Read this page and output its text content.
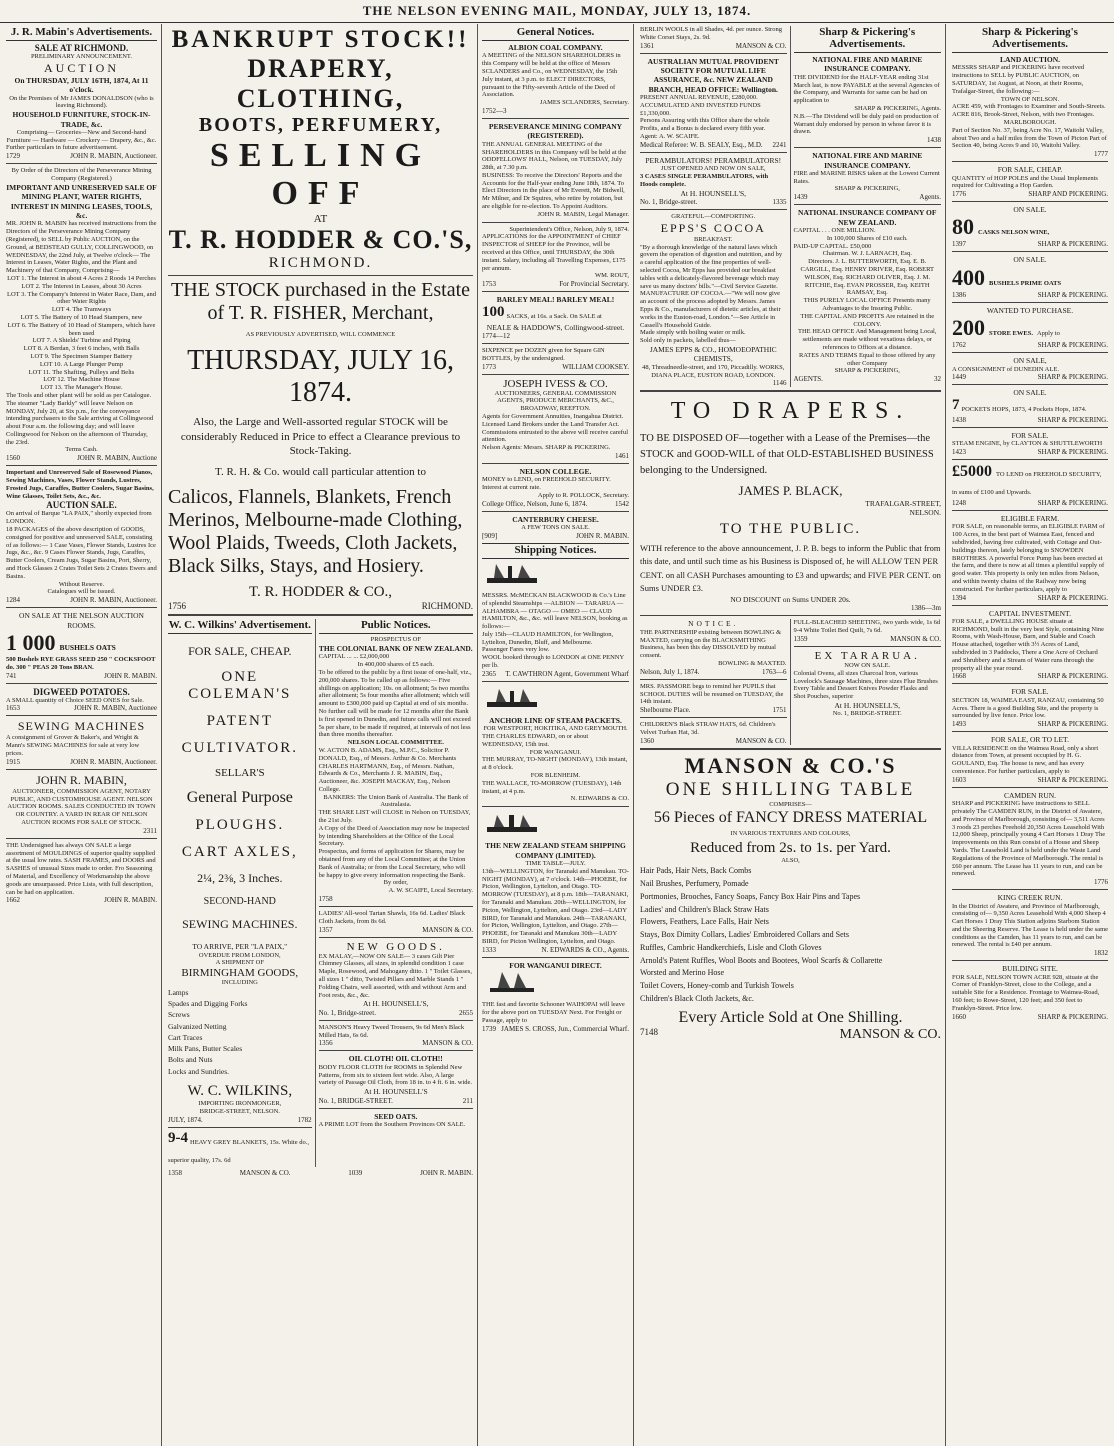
THE NELSON EVENING MAIL, MONDAY, JULY 13, 1874.
J. R. Mabin's Advertisements.
SALE AT RICHMOND.
PRELIMINARY ANNOUNCEMENT.
AUCTION
On THURSDAY, JULY 16TH, 1874, At 11 o'clock.
On the Premises of Mr JAMES DONALDSON (who is leaving Richmond).
HOUSEHOLD FURNITURE, STOCK-IN-TRADE, &c.
Comprising— Groceries—New and Second-hand Furniture — Hardware — Crockery — Drapery, &c., &c.
Further particulars in future advertisement.
1729	JOHN R. MABIN, Auctioneer.
By Order of the Directors of the Perseverance Mining Company (Registered.)
IMPORTANT AND UNRESERVED SALE OF MINING PLANT, WATER RIGHTS, INTEREST IN MINING LEASES, TOOLS, &c.
MR. JOHN R. MABIN has received instructions from the Directors of the Perseverance Mining Company (Registered), to SELL by Public AUCTION, on the Ground, at BEDSTEAD GULLY, COLLINGWOOD, on WEDNESDAY, the 22nd July, at Twelve o'clock— The Interest in Leases, Water Rights, and the Plant and Machinery of that Company, Comprising—
LOT 1. The Interest in about 4 Acres 2 Roods 14 Perches
LOT 2. The Interest in Leases, about 30 Acres
LOT 3. The Company's Interest in Water Race, Dam, and other Water Rights
LOT 4. The Tramways
LOT 5. The Battery of 10 Head Stampers, new
LOT 6. The Battery of 10 Head of Stampers, which have been used
LOT 7. A Shields' Turbine and Piping
LOT 8. A Berdan, 3 feet 6 inches, with Balls
LOT 9. The Specimen Stamper Battery
LOT 10. A Large Plunger Pump
LOT 11. The Shafting, Pulleys and Belts
LOT 12. The Machine House
LOT 13. The Manager's House.
The Tools and other plant will be sold as per Catalogue.
The steamer "Lady Barkly" will leave Nelson on MONDAY, July 20, at Six p.m., for the conveyance intending purchasers to the Sale arriving at Collingwood about Four a.m. the following day; and will leave Collingwood for Nelson on the afternoon of Thursday, the 23rd.
Terms Cash.
1560	JOHN R. MABIN, Auctione
Important and Unreserved Sale of Rosewood Pianos, Sewing Machines, Vases, Flower Stands, Lustres, Frosted Jugs, Caraffes, Butter Coolers, Sugar Basins, Wine Glasses, Toilet Sets, &c., &c.
AUCTION SALE.
On arrival of Barque "LA PAIX," shortly expected from LONDON.
18 PACKAGES of the above description of GOODS, consigned for positive and unreserved SALE, consisting of as follows:— 1 Case Vases, Flower Stands, Lustres Ice Jugs, &c., &c. 9 Cases Flower Stands, Jugs, Caraffes, Butter Coolers, Cream Jugs, Sugar Basins, Port, Sherry, and Hock Glasses 2 Crates Toilet Sets 2 Crates Ewers and Basins.
Without Reserve.
Catalogues will be issued.
1284	JOHN R. MABIN, Auctioneer.
ON SALE AT THE NELSON AUCTION ROOMS.
1 000 BUSHELS OATS
500 Bushels RYE GRASS SEED 250 " COCKSFOOT do. 300 " PEAS 20 Tons BRAN.
741	JOHN R. MABIN.
DIGWEED POTATOES.
A SMALL quantity of Choice SEED ONES for Sale.
1653	JOHN R. MABIN, Auctionee
SEWING MACHINES
A consignment of Grover & Baker's, and Wright & Mann's SEWING MACHINES for sale at very low prices.
1915	JOHN R. MABIN, Auctioneer.
JOHN R. MABIN,
AUCTIONEER, COMMISSION AGENT, NOTARY PUBLIC, AND CUSTOMHOUSE AGENT. NELSON AUCTION ROOMS. SALES CONDUCTED IN TOWN OR COUNTRY. A YARD IN REAR OF NELSON AUCTION ROOMS FOR SALE OF STOCK.
2311
THE Undersigned has always ON SALE a large assortment of MOULDINGS of superior quality supplied at the usual low rates. SASH FRAMES, and DOORS and SASHES of unusual Sizes made to order. Fro Seasoning of Material, and Excellency of Workmanship the above goods are unsurpassed. Price Lists, with full description, can be had on application.
1662	JOHN R. MABIN.
BANKRUPT STOCK!!
DRAPERY, CLOTHING,
BOOTS, PERFUMERY,
SELLING OFF
AT
T. R. HODDER & CO.'S,
RICHMOND.
THE STOCK purchased in the Estate of T. R. FISHER, Merchant,
AS PREVIOUSLY ADVERTISED, WILL COMMENCE
THURSDAY, JULY 16, 1874.
Also, the Large and Well-assorted regular STOCK will be considerably Reduced in Price to effect a Clearance previous to Stock-Taking.
T. R. H. & Co. would call particular attention to
Calicos, Flannels, Blankets, French Merinos, Melbourne-made Clothing, Wool Plaids, Tweeds, Cloth Jackets, Black Silks, Stays, and Hosiery.
T. R. HODDER & CO.,
1756	RICHMOND.
W. C. Wilkins' Advertisement.
FOR SALE, CHEAP.
ONE COLEMAN'S
PATENT
CULTIVATOR.
SELLAR'S
General Purpose
PLOUGHS.
CART AXLES,
2¼, 2⅜, 3 Inches.
SECOND-HAND
SEWING MACHINES.
TO ARRIVE, PER "LA PAIX,"
OVERDUE FROM LONDON,
A SHIPMENT OF
BIRMINGHAM GOODS,
INCLUDING
Lamps
Spades and Digging Forks
Screws
Galvanized Netting
Cart Traces
Milk Pans, Butter Scales
Bolts and Nuts
Locks and Sundries.
W. C. WILKINS,
IMPORTING IRONMONGER,
BRIDGE-STREET, NELSON.
JULY, 1874.	1782
9-4 HEAVY GREY BLANKETS, 15s. White do., superior quality, 17s. 6d
Public Notices.
PROSPECTUS OF
THE COLONIAL BANK OF NEW ZEALAND.
CAPITAL ... ... £2,000,000
In 400,000 shares of £5 each.
To be offered to the public by a first issue of one-half, viz., 200,000 shares. To be called up as follows:— Five shillings on application; 10s. on allotment; 5s two months after allotment; 5s four months after allotment; which will amount to £300,000 paid up Capital at end of six months.
No further call will be made for 12 months after the Bank is first opened in Dunedin, and future calls will not exceed 5s per share, to be made if required, at intervals of not less than three months thereafter.
NELSON LOCAL COMMITTEE.
W. ACTON B. ADAMS, Esq., M.P.C., Solicitor P. DONALD, Esq., of Messrs. Arthur & Co. Merchants CHARLES HARTMANN, Esq., of Messrs. Nathan, Edwards & Co., Merchants J. R. MABIN, Esq., Auctioneer, &c. JOSEPH MACKAY, Esq., Nelson College.
BANKERS: The Union Bank of Australia. The Bank of Australasia.
THE SHARE LIST will CLOSE in Nelson on TUESDAY, the 21st July.
A Copy of the Deed of Association may now be inspected by intending Shareholders at the Office of the Local Secretary.
Prospectus, and forms of application for Shares, may be obtained from any of the Local Committee; at the Union Bank of Australia; or from the Local Secretary, who will be happy to give every information respecting the Bank.
By order,
A. W. SCAIFE, Local Secretary.
1758
LADIES' All-wool Tartan Shawls, 16s 6d. Ladies' Black Cloth Jackets, from 8s 6d.
1357	MANSON & CO.
NEW GOODS.
EX MALAY,—NOW ON SALE— 3 cases Gilt Pier Chimney Glasses, all sizes, in splendid condition 1 case Maple, Rosewood, and Mahogany ditto. 1 " Toilet Glasses, all sizes 1 " ditto, Twisted Pillars and Marble Stands 1 " Folding Chairs, well assorted, with and without Arm and Foot rests, &c., &c.
At H. HOUNSELL'S,
No. 1, Bridge-street.	2655
MANSON'S Heavy Tweed Trousers, 9s 6d Men's Black Milled Hats, 6s 6d.
1356	MANSON & CO.
OIL CLOTH! OIL CLOTH!!
BODY FLOOR CLOTH for ROOMS in Splendid New Patterns, from six to sixteen feet wide. Also, A large variety of Passage Oil Cloth, from 18 in. to 4 ft. 6 in. wide.
At H. HOUNSELL'S
No. 1, BRIDGE-STREET.	211
SEED OATS.
A PRIME LOT from the Southern Provinces ON SALE.
1358	MANSON & CO.	1039	JOHN R. MABIN.
General Notices.
ALBION COAL COMPANY.
A MEETING of the NELSON SHAREHOLDERS in this Company will be held at the office of Messrs SCLANDERS and Co., on WEDNESDAY, the 15th July instant, at 3 p.m. to ELECT DIRECTORS, pursuant to the Fifty-seventh Article of the Deed of Association.
JAMES SCLANDERS, Secretary.
1752—3
PERSEVERANCE MINING COMPANY (REGISTERED).
THE ANNUAL GENERAL MEETING of the SHAREHOLDERS in this Company will be held at the ODDFELLOWS' HALL, Nelson, on TUESDAY, July 28th, at 7.30 p.m.
BUSINESS: To receive the Directors' Reports and the Accounts for the Half-year ending June 18th, 1874. To Elect Directors in the place of Mr Everett, Mr Bidwell, Mr Milner, and Dr Squires, who retire by rotation, but are eligible for re-election. To Appoint Auditors.
JOHN R. MABIN, Legal Manager.
Superintendent's Office, Nelson, July 9, 1874.
APPLICATIONS for the APPOINTMENT of CHIEF INSPECTOR of SHEEP for the Province, will be received at this Office, until THURSDAY, the 30th instant. Salary, including all Travelling Expenses, £175 per annum.
WM. ROUT,
1753	For Provincial Secretary.
BARLEY MEAL! BARLEY MEAL!
100 SACKS, at 16s. a Sack. On SALE at
NEALE & HADDOW'S, Collingwood-street.
1774—12
SIXPENCE per DOZEN given for Square GIN BOTTLES, by the undersigned.
1773	WILLIAM COOKSEY.
JOSEPH IVESS & CO.
AUCTIONEERS, GENERAL COMMISSION AGENTS, PRODUCE MERCHANTS, &C., BROADWAY, REEFTON.
Agents for Government Annuities, Inangahua District. Licensed Land Brokers under the Land Transfer Act. Commissions entrusted to the above will receive careful attention.
Nelson Agents: Messrs. SHARP & PICKERING.
1461
NELSON COLLEGE.
MONEY to LEND, on FREEHOLD SECURITY. Interest at current rate.
Apply to R. POLLOCK, Secretary.
College Office, Nelson, June 6, 1874.	1542
CANTERBURY CHEESE.
A FEW TONS ON SALE.
[909]	JOHN R. MABIN.
Shipping Notices.
MESSRS. McMECKAN BLACKWOOD & Co.'s Line of splendid Steamships —ALBION — TARARUA — ALHAMBRA — OTAGO — OMEO — CLAUD HAMILTON, &c., &c. will leave NELSON, booking as follows:—
July 15th—CLAUD HAMILTON, for Wellington, Lyttelton, Dunedin, Bluff, and Melbourne.
Passenger Fares very low.
WOOL booked through to LONDON at ONE PENNY per lb.
2365 T. CAWTHRON Agent, Government Wharf
ANCHOR LINE OF STEAM PACKETS.
FOR WESTPORT, HOKITIKA, AND GREYMOUTH.
THE CHARLES EDWARD, on or about WEDNESDAY, 15th inst.
FOR WANGANUI.
THE MURRAY, TO-NIGHT (MONDAY), 13th instant, at 8 o'clock.
FOR BLENHEIM.
THE WALLACE, TO-MORROW (TUESDAY), 14th instant, at 4 p.m.
N. EDWARDS & CO.
THE NEW ZEALAND STEAM SHIPPING COMPANY (LIMITED).
TIME TABLE—JULY.
13th—WELLINGTON, for Taranaki and Manukau. TO-NIGHT (MONDAY), at 7 o'clock. 14th—PHOEBE, for Picton, Wellington, Lyttelton, and Otago. TO-MORROW (TUESDAY), at 8 p.m. 18th—TARANAKI, for Taranaki and Manukau. 20th—WELLINGTON, for Picton, Wellington, Lyttelton, and Otago. 23rd—LADY BIRD, for Taranaki and Manukau. 24th—TARANAKI, for Picton, Wellington, Lyttelton, and Otago. 27th—PHOEBE, for Taranaki and Manukau 30th—LADY BIRD, for Picton Wellington, Lyttelton, and Otago.
1333	N. EDWARDS & CO., Agents.
FOR WANGANUI DIRECT.
THE fast and favorite Schooner WAIHOPAI will leave for the above port on TUESDAY Next. For Freight or Passage, apply to
1739 JAMES S. CROSS, Jun., Commercial Wharf.
BERLIN WOOLS in all Shades, 4d. per ounce. Strong White Corset Stays, 2s. 9d.
1361	MANSON & CO.
AUSTRALIAN MUTUAL PROVIDENT SOCIETY FOR MUTUAL LIFE ASSURANCE, &c. NEW ZEALAND BRANCH, HEAD OFFICE: Wellington.
PRESENT ANNUAL REVENUE, £280,000.
ACCUMULATED AND INVESTED FUNDS £1,330,000.
Persons Assuring with this Office share the whole Profits, and a Bonus is declared every fifth year.
Agent: A. W. SCAIFE.
Medical Referee: W. B. SEALY, Esq., M.D. 2241
PERAMBULATORS! PERAMBULATORS!
JUST OPENED AND NOW ON SALE,
3 CASES SINGLE PERAMBULATORS, with Hoods complete.
At H. HOUNSELL'S,
No. 1, Bridge-street.	1335
GRATEFUL—COMFORTING.
EPPS'S COCOA
BREAKFAST.
"By a thorough knowledge of the natural laws which govern the operation of digestion and nutrition, and by a careful application of the fine properties of well-selected Cocoa, Mr Epps has provided our breakfast tables with a delicately-flavored beverage which may save us many doctors' bills."—Civil Service Gazette.
MANUFACTURE OF COCOA.—"We will now give an account of the process adopted by Messrs. James Epps & Co., manufacturers of dietetic articles, at their works in the Euston-road, London."—See Article in Cassell's Household Guide.
Made simply with boiling water or milk.
Sold only in packets, labelled thus—
JAMES EPPS & CO., HOMOEOPATHIC CHEMISTS,
48, Threadneedle-street, and 170, Piccadilly. WORKS, DIANA PLACE, EUSTON ROAD, LONDON.
1146
Sharp & Pickering's Advertisements.
NATIONAL FIRE AND MARINE INSURANCE COMPANY.
THE DIVIDEND for the HALF-YEAR ending 31st March last, is now PAYABLE at the several Agencies of the Company, and Warrants for same can be had on application to
SHARP & PICKERING, Agents.
N.B.—The Dividend will be duly paid on production of Warrant duly endorsed by person in whose favor it is drawn.
1438
NATIONAL FIRE AND MARINE INSURANCE COMPANY.
FIRE and MARINE RISKS taken at the Lowest Current Rates.
SHARP & PICKERING,
1439	Agents.
NATIONAL INSURANCE COMPANY OF NEW ZEALAND.
CAPITAL . . . ONE MILLION.
In 100,000 Shares of £10 each.
PAID-UP CAPITAL. £50,000
Chairman. W. J. LARNACH, Esq.
Directors. J. L. BUTTERWORTH, Esq. E. B. CARGILL, Esq. HENRY DRIVER, Esq. ROBERT WILSON, Esq. RICHARD OLIVER, Esq. J. M. RITCHIE, Esq. EVAN PROSSER, Esq. KEITH RAMSAY, Esq.
THIS PURELY LOCAL OFFICE Presents many Advantages to the Insuring Public.
THE CAPITAL AND PROFITS Are retained in the COLONY.
THE HEAD OFFICE And Management being Local, settlements are made without vexatious delays, or references to Offices at a distance.
RATES AND TERMS Equal to those offered by any other Company
SHARP & PICKERING,
AGENTS.	32
TO DRAPERS.
TO BE DISPOSED OF—together with a Lease of the Premises—the STOCK and GOOD-WILL of that OLD-ESTABLISHED BUSINESS belonging to the Undersigned.
JAMES P. BLACK,
TRAFALGAR-STREET,
NELSON.
TO THE PUBLIC.
WITH reference to the above announcement, J. P. B. begs to inform the Public that from this date, and until such time as his Business is Disposed of, he will ALLOW TEN PER CENT. on all CASH Purchases amounting to £3 and upwards; and FIVE PER CENT. on Sums UNDER £3.
NO DISCOUNT on Sums UNDER 20s.
1386—3m
NOTICE.
THE PARTNERSHIP existing between BOWLING & MAXTED, carrying on the BLACKSMITHING Business, has been this day DISSOLVED by mutual consent.
BOWLING & MAXTED.
Nelson, July 1, 1874.	1763—6
MRS. PASSMORE begs to remind her PUPILS that SCHOOL DUTIES will be resumed on TUESDAY, the 14th instant.
Shelbourne Place.	1751
CHILDREN'S Black STRAW HATS, 6d. Children's Velvet Turban Hat, 3d.
1360	MANSON & CO.
FULL-BLEACHED SHEETING, two yards wide, 1s 6d 9-4 White Toilet Bed Quilt, 7s 6d.
1359	MANSON & CO.
EX TARARUA.
NOW ON SALE.
Colonial Ovens, all sizes Charcoal Iron, various Lovelock's Sausage Machines, three sizes Flue Brushes Every Table and Dessert Knives Powder Flasks and Shot Pouches, superior
At H. HOUNSELL'S,
No. 1, BRIDGE-STREET.
MANSON & CO.'S
ONE SHILLING TABLE
COMPRISES—
56 Pieces of FANCY DRESS MATERIAL
IN VARIOUS TEXTURES AND COLOURS,
Reduced from 2s. to 1s. per Yard.
ALSO,
Hair Pads, Hair Nets, Back Combs
Nail Brushes, Perfumery, Pomade
Portmonies, Brooches, Fancy Soaps, Fancy Box Hair Pins and Tapes
Ladies' and Children's Black Straw Hats
Flowers, Feathers, Lace Falls, Hair Nets
Stays, Box Dimity Collars, Ladies' Embroidered Collars and Sets
Ruffles, Cambric Handkerchiefs, Lisle and Cloth Gloves
Arnold's Patent Ruffles, Wool Boots and Bootees, Wool Scarfs & Collarette
Worsted and Merino Hose
Toilet Covers, Honey-comb and Turkish Towels
Children's Black Cloth Jackets, &c.
Every Article Sold at One Shilling.
7148	MANSON & CO.
Sharp & Pickering's Advertisements.
LAND AUCTION.
MESSRS SHARP and PICKERING have received instructions to SELL by PUBLIC AUCTION, on SATURDAY, 1st August, at Noon, at their Rooms, Trafalgar-Street, the following:—
TOWN OF NELSON.
ACRE 459, with Frontages to Examiner and South-Streets.
ACRE 816, Brook-Street, Nelson, with two Frontages.
MARLBOROUGH.
Part of Section No. 37, being Acre No. 17, Waitohi Valley, about Two and a half miles from the Town of Picton Part of Section 40, being Acres 9 and 10, Waitohi Valley.
1777
FOR SALE, CHEAP.
QUANTITY of HOP POLES and the Usual Implements required for Cultivating a Hop Garden.
1776	SHARP AND PICKERING.
ON SALE.
80 CASKS NELSON WINE,
1397	SHARP & PICKERING.
ON SALE.
400 BUSHELS PRIME OATS
1386	SHARP & PICKERING.
WANTED TO PURCHASE.
200 STORE EWES. Apply to
1762	SHARP & PICKERING.
ON SALE,
A CONSIGNMENT of DUNEDIN ALE.
1449	SHARP & PICKERING.
ON SALE.
7 POCKETS HOPS, 1873, 4 Pockets Hops, 1874.
1438	SHARP & PICKERING.
FOR SALE.
STEAM ENGINE, by CLAYTON & SHUTTLEWORTH
1423	SHARP & PICKERING.
£5000 TO LEND on FREEHOLD SECURITY, in sums of £100 and Upwards.
1248	SHARP & PICKERING.
ELIGIBLE FARM.
FOR SALE, on reasonable terms, an ELIGIBLE FARM of 100 Acres, in the best part of Waimea East, fenced and subdivided, having free cultivated, with Cottage and Out-buildings thereon, lately belonging to SNOWDEN BROTHERS. A powerful Force Pump has been erected at the farm, and there is now at all times a plentiful supply of good water. This property is only ten miles from Nelson, and within twenty chains of the Railway now being constructed. For further particulars, apply to
1394	SHARP & PICKERING.
CAPITAL INVESTMENT.
FOR SALE, a DWELLING HOUSE situate at RICHMOND, built in the very best Style, containing Nine Rooms, with Wash-House, Barn, and Stable and Coach House attached, together with 3½ Acres of Land, subdivided in 3 Paddocks, There a One Acre of Orchard and Shrubbery and a Stream of Water runs through the property all the year round.
1668	SHARP & PICKERING.
FOR SALE.
SECTION 18, WAIMEA EAST, RANZAU, containing 50 Acres. There is a good Building Site, and the property is surrounded by live fence. Price low.
1493	SHARP & PICKERING.
FOR SALE, OR TO LET.
VILLA RESIDENCE on the Waimea Road, only a short distance from Town, at present occupied by H. G. GOULAND, Esq. The house is new, and has every convenience. For further particulars, apply to
1603	SHARP & PICKERING.
CAMDEN RUN.
SHARP and PICKERING have instructions to SELL privately The CAMDEN RUN, in the District of Awatere, and Province of Marlborough, consisting of— 3,511 Acres 3 roods 23 perches Freehold 20,350 Acres Leasehold With 12,000 Sheep, principally young 4 Cart Horses 1 Dray The improvements on this Run consist of a House and Sheep Yards. The Leasehold Land is held under the Waste Land Regulations of the Province of Marlborough. The rental is £60 per annum. The Lease has 11 years to run, and can be renewed.
1776
KING CREEK RUN.
In the District of Awatere, and Province of Marlborough, consisting of— 9,350 Acres Leasehold With 4,000 Sheep 4 Cart Horses 1 Dray This Station adjoins Starbom Station and the Sheering Reserve. The Lease is held under the same conditions as the Camden, has 11 years to run, and can be renewed. The rental is £40 per annum.
1832
BUILDING SITE.
FOR SALE, NELSON TOWN ACRE 928, situate at the Corner of Franklyn-Street, close to the College, and a suitable Site for a Residence. Frontage to Waimea-Road, 160 feet; to Rowe-Street, 120 feet; and 350 feet to Franklyn-Street. Price low.
1660	SHARP & PICKERING.
